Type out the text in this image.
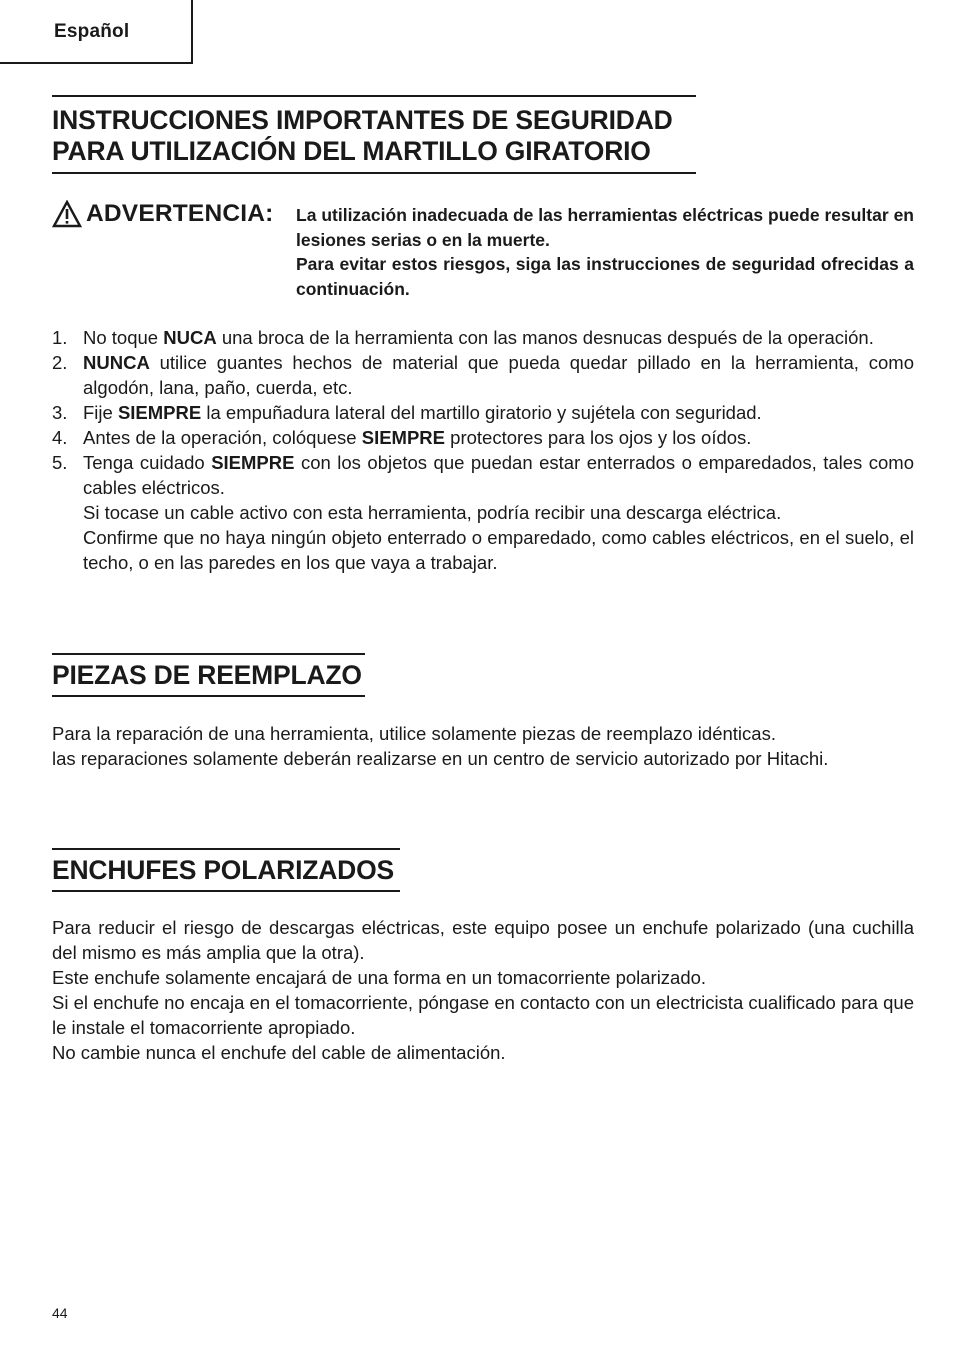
Español
INSTRUCCIONES IMPORTANTES DE SEGURIDAD
PARA UTILIZACIÓN DEL MARTILLO GIRATORIO
ADVERTENCIA: La utilización inadecuada de las herramientas eléctricas puede resultar en lesiones serias o en la muerte.

Para evitar estos riesgos, siga las instrucciones de seguridad ofrecidas a continuación.

1. No toque NUCA una broca de la herramienta con las manos desnucas después de la operación.
2. NUNCA utilice guantes hechos de material que pueda quedar pillado en la herramienta, como algodón, lana, paño, cuerda, etc.
3. Fije SIEMPRE la empuñadura lateral del martillo giratorio y sujétela con seguridad.
4. Antes de la operación, colóquese SIEMPRE protectores para los ojos y los oídos.
5. Tenga cuidado SIEMPRE con los objetos que puedan estar enterrados o emparedados, tales como cables eléctricos.
Si tocase un cable activo con esta herramienta, podría recibir una descarga eléctrica.
Confirme que no haya ningún objeto enterrado o emparedado, como cables eléctricos, en el suelo, el techo, o en las paredes en los que vaya a trabajar.
PIEZAS DE REEMPLAZO

Para la reparación de una herramienta, utilice solamente piezas de reemplazo idénticas.

las reparaciones solamente deberán realizarse en un centro de servicio autorizado por Hitachi.

ENCHUFES POLARIZADOS

Para reducir el riesgo de descargas eléctricas, este equipo posee un enchufe polarizado (una cuchilla del mismo es más amplia que la otra).

Este enchufe solamente encajará de una forma en un tomacorriente polarizado.

Si el enchufe no encaja en el tomacorriente, póngase en contacto con un electricista cualificado para que le instale el tomacorriente apropiado.

No cambie nunca el enchufe del cable de alimentación.

44
